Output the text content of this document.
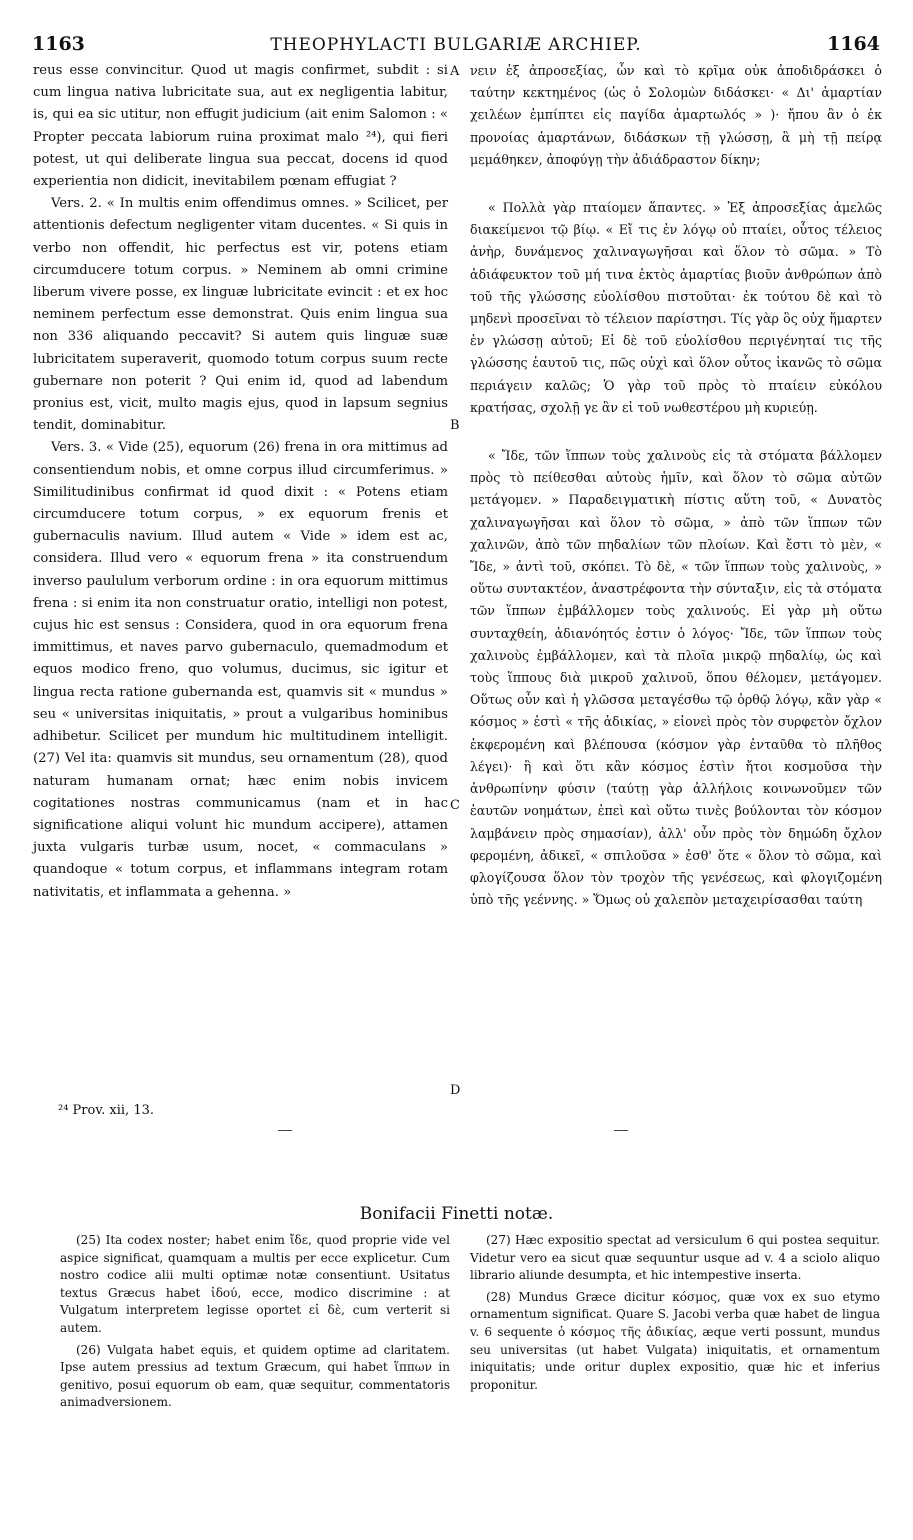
1163	THEOPHYLACTI BULGARIÆ ARCHIEP.	1164

reus esse convincitur. Quod ut magis confirmet, subdit : si cum lingua nativa lubricitate sua, aut ex negligentia labitur, is, qui ea sic utitur, non effugit judicium (ait enim Salomon : « Propter peccata labiorum ruina proximat malo ²⁴), qui fieri potest, ut qui deliberate lingua sua peccat, docens id quod experientia non didicit, inevitabilem pœnam effugiat ?

Vers. 2. « In multis enim offendimus omnes. » Scilicet, per attentionis defectum negligenter vitam ducentes. « Si quis in verbo non offendit, hic perfectus est vir, potens etiam circumducere totum corpus. » Neminem ab omni crimine liberum vivere posse, ex linguæ lubricitate evincit : et ex hoc neminem perfectum esse demonstrat. Quis enim lingua sua non 336 aliquando peccavit? Si autem quis linguæ suæ lubricitatem superaverit, quomodo totum corpus suum recte gubernare non poterit ? Qui enim id, quod ad labendum pronius est, vicit, multo magis ejus, quod in lapsum segnius tendit, dominabitur.

Vers. 3. « Vide (25), equorum (26) frena in ora mittimus ad consentiendum nobis, et omne corpus illud circumferimus. » Similitudinibus confirmat id quod dixit : « Potens etiam circumducere totum corpus, » ex equorum frenis et gubernaculis navium. Illud autem « Vide » idem est ac, considera. Illud vero « equorum frena » ita construendum inverso paululum verborum ordine : in ora equorum mittimus frena : si enim ita non construatur oratio, intelligi non potest, cujus hic est sensus : Considera, quod in ora equorum frena immittimus, et naves parvo gubernaculo, quemadmodum et equos modico freno, quo volumus, ducimus, sic igitur et lingua recta ratione gubernanda est, quamvis sit « mundus » seu « universitas iniquitatis, » prout a vulgaribus hominibus adhibetur. Scilicet per mundum hic multitudinem intelligit. (27) Vel ita: quamvis sit mundus, seu ornamentum (28), quod naturam humanam ornat; hæc enim nobis invicem cogitationes nostras communicamus (nam et in hac significatione aliqui volunt hic mundum accipere), attamen juxta vulgaris turbæ usum, nocet, « commaculans » quandoque « totum corpus, et inflammans integram rotam nativitatis, et inflammata a gehenna. »

A
B
C
D

νειν ἐξ ἀπροσεξίας, ὧν καὶ τὸ κρῖμα οὐκ ἀποδιδράσκει ὁ ταύτην κεκτημένος (ὡς ὁ Σολομὼν διδάσκει· « Δι' ἁμαρτίαν χειλέων ἐμπίπτει εἰς παγίδα ἁμαρτωλός » )· ἤπου ἂν ὁ ἐκ προνοίας ἁμαρτάνων, διδάσκων τῇ γλώσσῃ, ἃ μὴ τῇ πείρᾳ μεμάθηκεν, ἀποφύγῃ τὴν ἀδιάδραστον δίκην;

« Πολλὰ γὰρ πταίομεν ἅπαντες. » Ἐξ ἀπροσεξίας ἀμελῶς διακείμενοι τῷ βίῳ. « Εἴ τις ἐν λόγῳ οὐ πταίει, οὗτος τέλειος ἀνὴρ, δυνάμενος χαλιναγωγῆσαι καὶ ὅλον τὸ σῶμα. » Τὸ ἀδιάφευκτον τοῦ μή τινα ἐκτὸς ἁμαρτίας βιοῦν ἀνθρώπων ἀπὸ τοῦ τῆς γλώσσης εὐολίσθου πιστοῦται· ἐκ τούτου δὲ καὶ τὸ μηδενὶ προσεῖναι τὸ τέλειον παρίστησι. Τίς γὰρ ὃς οὐχ ἥμαρτεν ἐν γλώσσῃ αὐτοῦ; Εἰ δὲ τοῦ εὐολίσθου περιγένηταί τις τῆς γλώσσης ἑαυτοῦ τις, πῶς οὐχὶ καὶ ὅλον οὗτος ἱκανῶς τὸ σῶμα περιάγειν καλῶς; Ὁ γὰρ τοῦ πρὸς τὸ πταίειν εὐκόλου κρατήσας, σχολῇ γε ἂν εἰ τοῦ νωθεστέρου μὴ κυριεύῃ.

« Ἴδε, τῶν ἵππων τοὺς χαλινοὺς εἰς τὰ στόματα βάλλομεν πρὸς τὸ πείθεσθαι αὐτοὺς ἡμῖν, καὶ ὅλον τὸ σῶμα αὐτῶν μετάγομεν. » Παραδειγματικὴ πίστις αὕτη τοῦ, « Δυνατὸς χαλιναγωγῆσαι καὶ ὅλον τὸ σῶμα, » ἀπὸ τῶν ἵππων τῶν χαλινῶν, ἀπὸ τῶν πηδαλίων τῶν πλοίων. Καὶ ἔστι τὸ μὲν, « Ἴδε, » ἀντὶ τοῦ, σκόπει. Τὸ δὲ, « τῶν ἵππων τοὺς χαλινοὺς, » οὕτω συντακτέον, ἀναστρέφοντα τὴν σύνταξιν, εἰς τὰ στόματα τῶν ἵππων ἐμβάλλομεν τοὺς χαλινούς. Εἰ γὰρ μὴ οὕτω συνταχθείη, ἀδιανόητός ἐστιν ὁ λόγος· Ἴδε, τῶν ἵππων τοὺς χαλινοὺς ἐμβάλλομεν, καὶ τὰ πλοῖα μικρῷ πηδαλίῳ, ὡς καὶ τοὺς ἵππους διὰ μικροῦ χαλινοῦ, ὅπου θέλομεν, μετάγομεν. Οὕτως οὖν καὶ ἡ γλῶσσα μεταγέσθω τῷ ὀρθῷ λόγῳ, κἂν γὰρ « κόσμος » ἐστὶ « τῆς ἀδικίας, » εἰονεὶ πρὸς τὸν συρφετὸν ὄχλον ἐκφερομένη καὶ βλέπουσα (κόσμον γὰρ ἐνταῦθα τὸ πλῆθος λέγει)· ἢ καὶ ὅτι κἂν κόσμος ἐστὶν ἤτοι κοσμοῦσα τὴν ἀνθρωπίνην φύσιν (ταύτῃ γὰρ ἀλλήλοις κοινωνοῦμεν τῶν ἑαυτῶν νοημάτων, ἐπεὶ καὶ οὕτω τινὲς βούλονται τὸν κόσμον λαμβάνειν πρὸς σημασίαν), ἀλλ' οὖν πρὸς τὸν δημώδη ὄχλον φερομένη, ἀδικεῖ, « σπιλοῦσα » ἐσθ' ὅτε « ὅλον τὸ σῶμα, καὶ φλογίζουσα ὅλον τὸν τροχὸν τῆς γενέσεως, καὶ φλογιζομένη ὑπὸ τῆς γεέννης. » Ὅμως οὐ χαλεπὸν μεταχειρίσασθαι ταύτη

²⁴ Prov. xii, 13.
Bonifacii Finetti notæ.

(25) Ita codex noster; habet enim ἴδε, quod proprie vide vel aspice significat, quamquam a multis per ecce explicetur. Cum nostro codice alii multi optimæ notæ consentiunt. Usitatus textus Græcus habet ἰδού, ecce, modico discrimine : at Vulgatum interpretem legisse oportet εἰ δὲ, cum verterit si autem.

(26) Vulgata habet equis, et quidem optime ad claritatem. Ipse autem pressius ad textum Græcum, qui habet ἵππων in genitivo, posui equorum ob eam, quæ sequitur, commentatoris animadversionem.

(27) Hæc expositio spectat ad versiculum 6 qui postea sequitur. Videtur vero ea sicut quæ sequuntur usque ad v. 4 a sciolo aliquo librario aliunde desumpta, et hic intempestive inserta.

(28) Mundus Græce dicitur κόσμος, quæ vox ex suo etymo ornamentum significat. Quare S. Jacobi verba quæ habet de lingua v. 6 sequente ὁ κόσμος τῆς ἀδικίας, æque verti possunt, mundus seu universitas (ut habet Vulgata) iniquitatis, et ornamentum iniquitatis; unde oritur duplex expositio, quæ hic et inferius proponitur.
